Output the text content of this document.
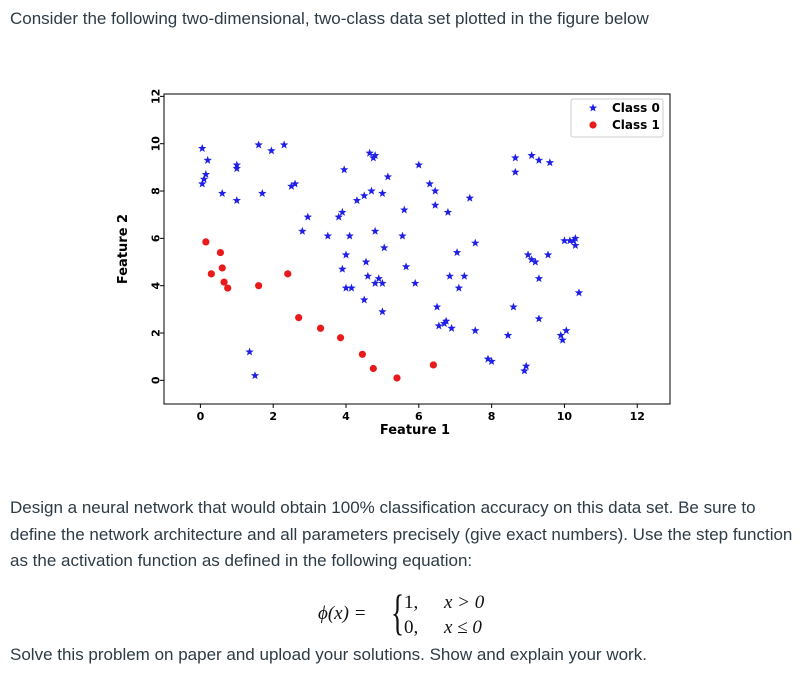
Consider the following two-dimensional, two-class data set plotted in the figure below

0	2	4	6	8	10	12
0
2
4
6
8
10
12
Feature 1
Feature 2
Class 0
Class 1

Design a neural network that would obtain 100% classification accuracy on this data set. Be sure to define the network architecture and all parameters precisely (give exact numbers). Use the step function as the activation function as defined in the following equation:

ϕ(x) = { 1, x > 0
0, x ≤ 0

Solve this problem on paper and upload your solutions. Show and explain your work.
